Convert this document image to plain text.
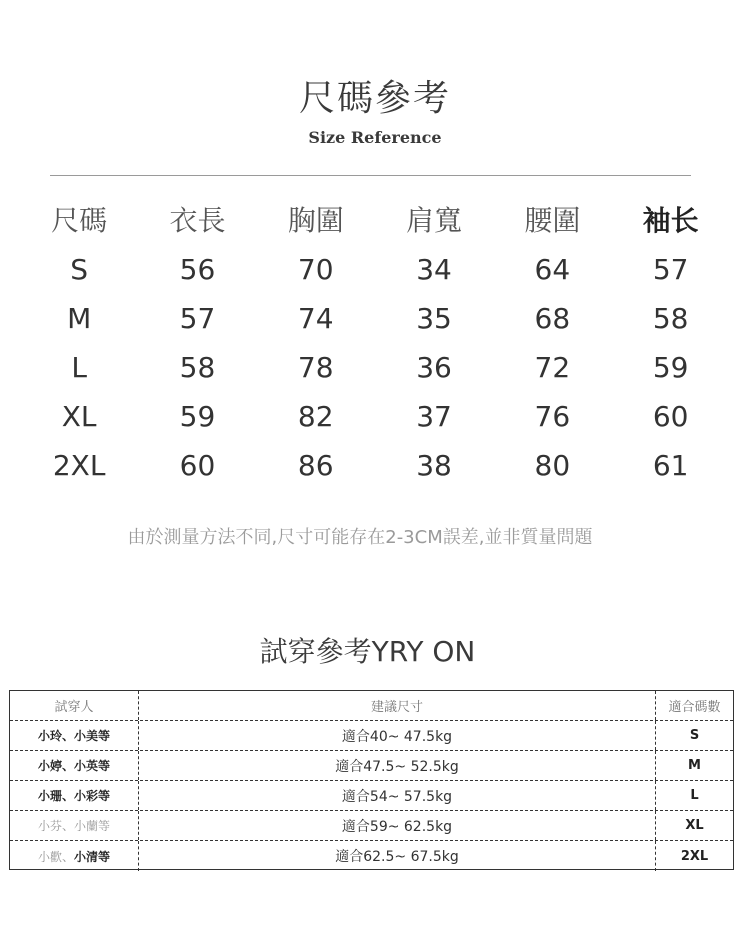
尺碼參考
Size Reference
尺碼	衣長	胸圍	肩寬	腰圍	袖长
S	56	70	34	64	57
M	57	74	35	68	58
L	58	78	36	72	59
XL	59	82	37	76	60
2XL	60	86	38	80	61
由於測量方法不同,尺寸可能存在2-3CM誤差,並非質量問題
試穿參考YRY ON
試穿人	建議尺寸	適合碼數
小玲、小美等	適合40~ 47.5kg	S
小婷、小英等	適合47.5~ 52.5kg	M
小珊、小彩等	適合54~ 57.5kg	L
小芬、小蘭等	適合59~ 62.5kg	XL
小歡、 小清等	適合62.5~ 67.5kg	2XL
